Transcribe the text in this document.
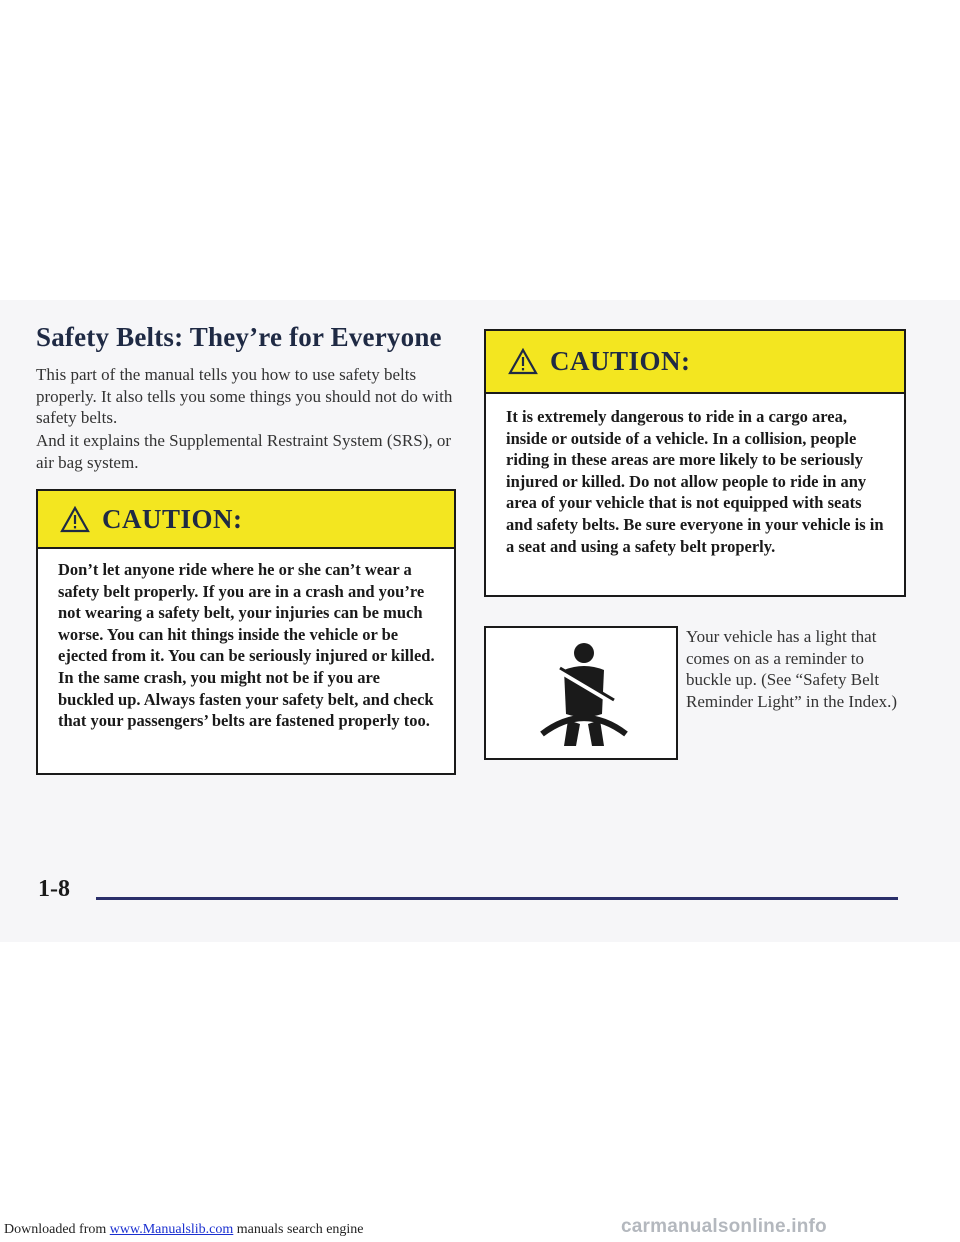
Safety Belts: They’re for Everyone
This part of the manual tells you how to use safety belts properly. It also tells you some things you should not do with safety belts.
And it explains the Supplemental Restraint System (SRS), or air bag system.
CAUTION:
Don’t let anyone ride where he or she can’t wear a safety belt properly. If you are in a crash and you’re not wearing a safety belt, your injuries can be much worse. You can hit things inside the vehicle or be ejected from it. You can be seriously injured or killed. In the same crash, you might not be if you are buckled up. Always fasten your safety belt, and check that your passengers’ belts are fastened properly too.
CAUTION:
It is extremely dangerous to ride in a cargo area, inside or outside of a vehicle. In a collision, people riding in these areas are more likely to be seriously injured or killed. Do not allow people to ride in any area of your vehicle that is not equipped with seats and safety belts. Be sure everyone in your vehicle is in a seat and using a safety belt properly.
Your vehicle has a light that comes on as a reminder to buckle up. (See “Safety Belt Reminder Light” in the Index.)
1-8
Downloaded from www.Manualslib.com manuals search engine	carmanualsonline.info
